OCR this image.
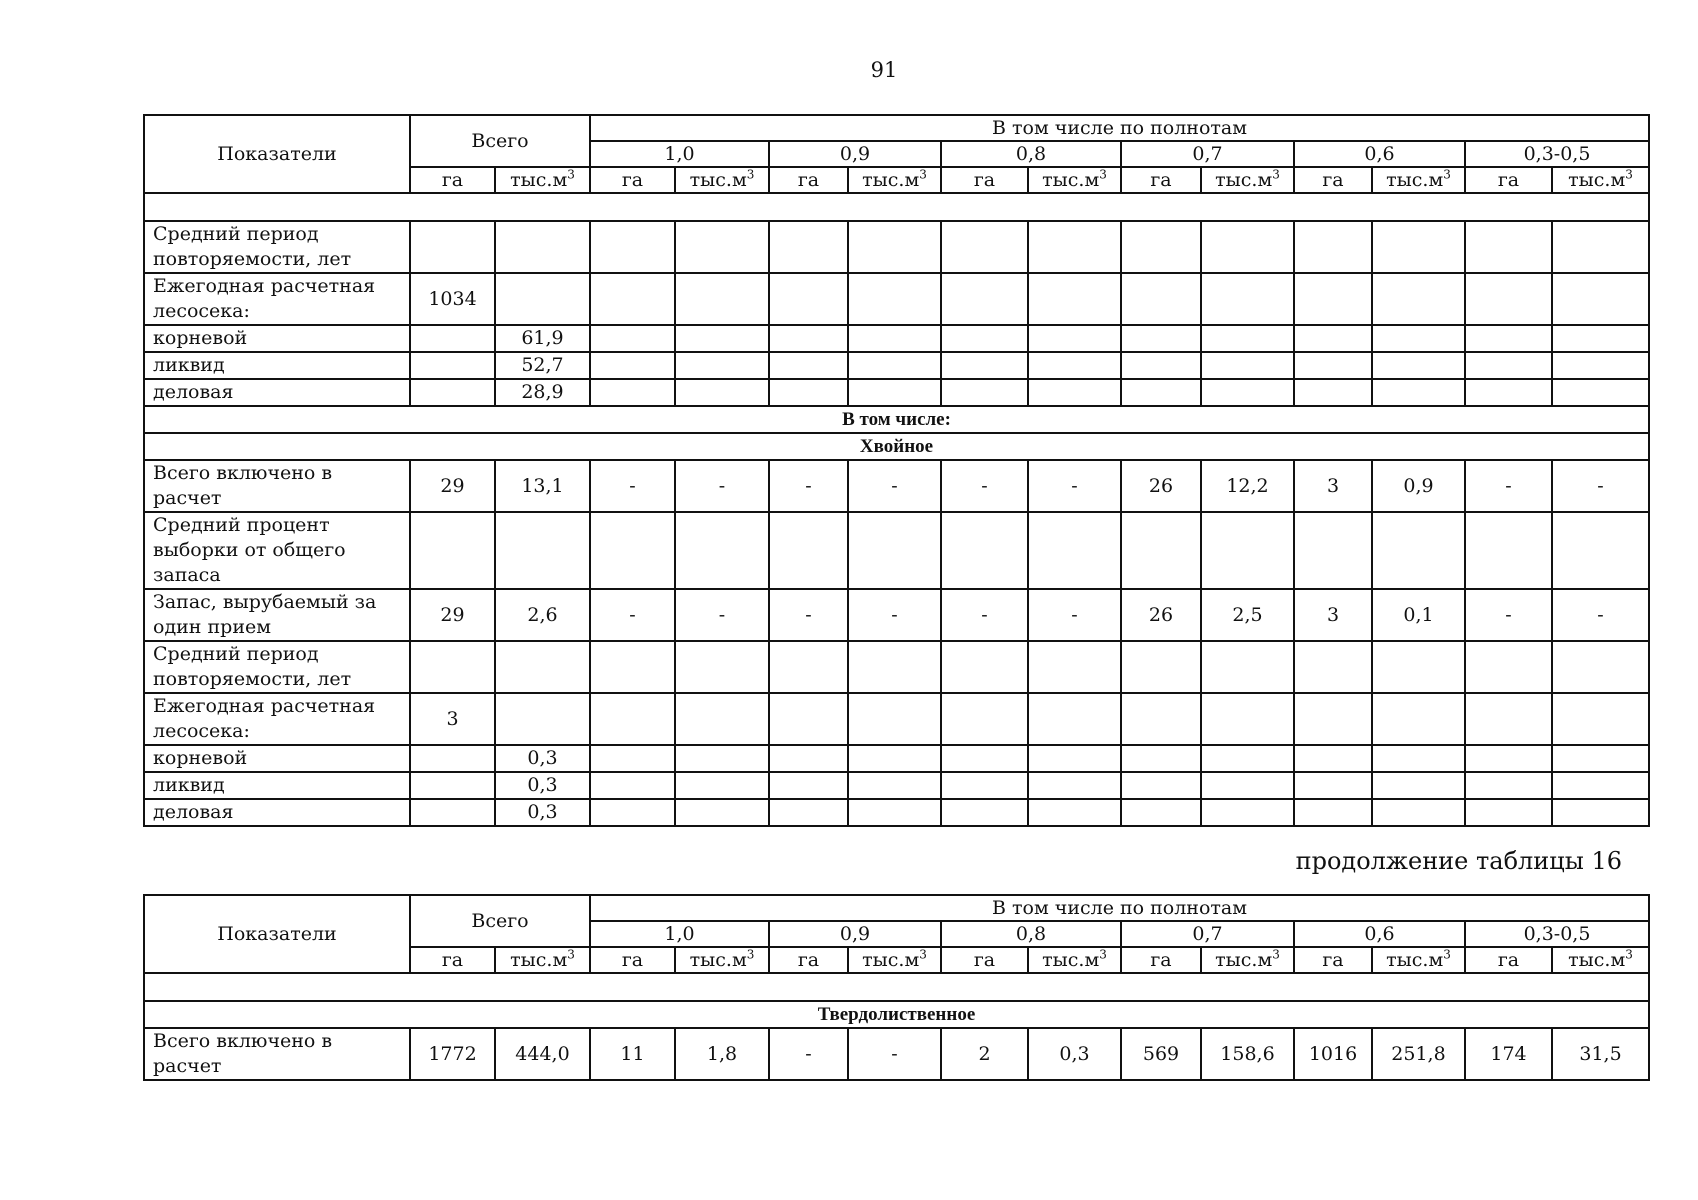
91
Показатели	Всего		В том числе по полнотам											
			1,0		0,9		0,8		0,7		0,6		0,3-0,5	
	га	$тыс.м^3$	га	$тыс.м^3$	га	$тыс.м^3$	га	$тыс.м^3$	га	$тыс.м^3$	га	$тыс.м^3$	га	$тыс.м^3$

Средний период повторяемости, лет														
Ежегодная расчетная лесосека:	1034													
корневой		61,9												
ликвид		52,7												
деловая		28,9												
В том числе:														
Хвойное														
Всего включено в расчет	29	13,1	-	-	-	-	-	-	26	12,2	3	0,9	-	-
Средний процент выборки от общего запаса														
Запас, вырубаемый за один прием	29	2,6	-	-	-	-	-	-	26	2,5	3	0,1	-	-
Средний период повторяемости, лет														
Ежегодная расчетная лесосека:	3													
корневой		0,3												
ликвид		0,3												
деловая		0,3												
продолжение таблицы 16
Показатели	Всего		В том числе по полнотам											
			1,0		0,9		0,8		0,7		0,6		0,3-0,5	
	га	$тыс.м^3$	га	$тыс.м^3$	га	$тыс.м^3$	га	$тыс.м^3$	га	$тыс.м^3$	га	$тыс.м^3$	га	$тыс.м^3$

Твердолиственное														
Всего включено в расчет	1772	444,0	11	1,8	-	-	2	0,3	569	158,6	1016	251,8	174	31,5
